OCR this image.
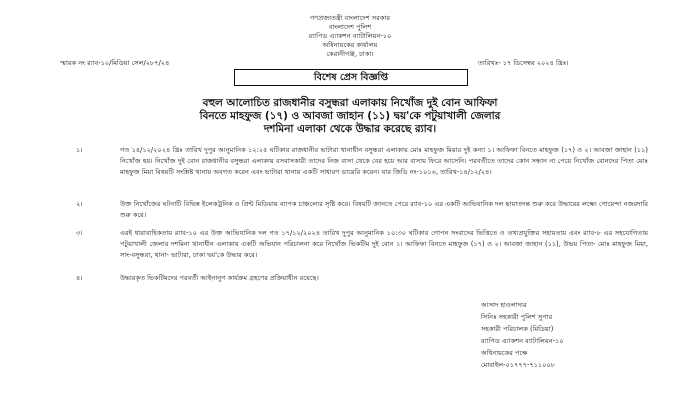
গণপ্রজাতন্ত্রী বাংলাদেশ সরকার
বাংলাদেশ পুলিশ
র‍্যাপিড এ্যাকশন ব্যাটালিয়ন-১০
অধিনায়কের কার্যালয়
কেরানীগঞ্জ, ঢাকা।
স্মারক নং র‍্যাব-১০/মিডিয়া সেল/২৮৭/২৪	তারিখঃ- ১৭ ডিসেম্বর ২০২৪ খ্রিঃ।
বিশেষ প্রেস বিজ্ঞপ্তি
বহুল আলোচিত রাজধানীর বসুন্ধরা এলাকায় নিখোঁজ দুই বোন আফিফা
বিনতে মাহফুজ (১৭) ও আবজা জাহান (১১) দ্বয়'কে পটুয়াখালী জেলার
দশমিনা এলাকা থেকে উদ্ধার করেছে র‍্যাব।
১।	গত ১৪/১২/২০২৪ খ্রিঃ তারিখ দুপুর আনুমানিক ১২:২৫ ঘটিকার রাজধানীর ভাটারা থানাধীন বসুন্ধরা এলাকায় মোঃ মাহফুজ মিয়ার দুই কন্যা ১। আফিফা বিনতে মাহফুজ (১৭) ও ২। আবজা জাহান (১১) নিখোঁজ হয়। নিখোঁজ দুই বোন রাজধানীর বসুন্ধরা এলাকায় বসবাসকারী তাদের নিজ বাসা থেকে বের হয়ে আর বাসায় ফিরে আসেনি। পরবর্তীতে তাদের কোন সন্ধান না পেয়ে নিখোঁজ বোনদের পিতা মোঃ মাহফুজ মিয়া বিষয়টি সংশ্লিষ্ট থানায় অবগত করেন এবং ভাটারা থানায় একটি সাধারণ ডায়েরি করেন। যার জিডি নং-১০১৬, তারিখ-১৪/১২/২৪।
২।	উক্ত নিখোঁজের ঘটনাটি বিভিন্ন ইলেকট্রনিক ও প্রিন্ট মিডিয়ায় ব্যাপক চাঞ্চল্যের সৃষ্টি করে। বিষয়টি জানতে পেরে র‍্যাব-১০ এর একটি আভিযানিক দল ছায়াতদন্ত শুরু করে উদ্ধারের লক্ষ্যে গোয়েন্দা নজরদারি শুরু করে।
৩।	এরই ধারাবাহিকতায় র‍্যাব-১০ এর উক্ত আভিযানিক দল গত ১৭/১২/২০২৪ তারিখ দুপুর আনুমানিক ১০:৩০ ঘটিকার গোপন সংবাদের ভিত্তিতে ও তথ্যপ্রযুক্তির সহায়তায় এবং র‍্যাব-৮ এর সহযোগিতায় পটুয়াখালী জেলার দশমিনা থানাধীন এলাকায় একটি অভিযান পরিচালনা করে নিখোঁজ ভিকটিম দুই বোন ১। আফিফা বিনতে মাহফুজ (১৭) ও ২। আবজা জাহান (১১), উভয় পিতা- মোঃ মাহফুজ মিয়া, সাং-বসুন্ধরা, থানা- ভাটারা, ঢাকা দ্বয়'কে উদ্ধার করে।
৪।	উদ্ধারকৃত ভিকটিমদের পরবর্তী আইনানুগ কার্যক্রম গ্রহণের প্রক্রিয়াধীন রয়েছে।
আসাদ হাওলাদার
সিনিঃ সহকারী পুলিশ সুপার
সহকারী পরিচালক (মিডিয়া)
র‍্যাপিড এ্যাকশন ব্যাটালিয়ন-১০
অধিনায়কের পক্ষে
মোবাইল-০১৭৭৭-৭১১০০৮
